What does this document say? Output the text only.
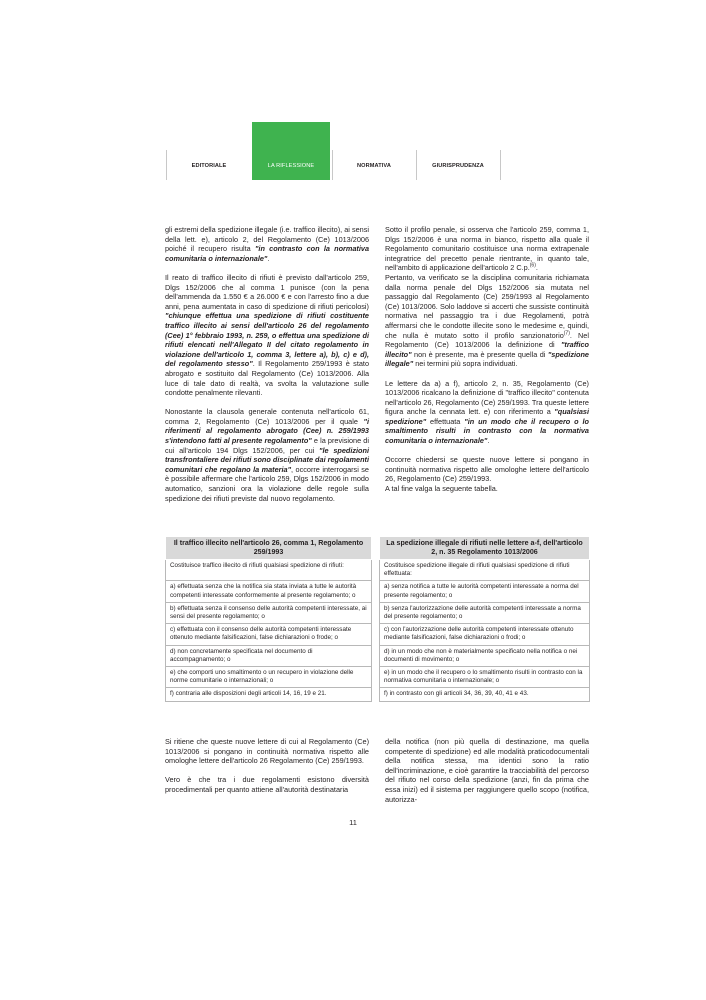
EDITORIALE	LA RIFLESSIONE	NORMATIVA	GIURISPRUDENZA

gli estremi della spedizione illegale (i.e. traffico illecito), ai sensi della lett. e), articolo 2, del Regolamento (Ce) 1013/2006 poiché il recupero risulta "in contrasto con la normativa comunitaria o internazionale".

Il reato di traffico illecito di rifiuti è previsto dall'articolo 259, Dlgs 152/2006 che al comma 1 punisce (con la pena dell'ammenda da 1.550 € a 26.000 € e con l'arresto fino a due anni, pena aumentata in caso di spedizione di rifiuti pericolosi) "chiunque effettua una spedizione di rifiuti costituente traffico illecito ai sensi dell'articolo 26 del regolamento (Cee) 1° febbraio 1993, n. 259, o effettua una spedizione di rifiuti elencati nell'Allegato II del citato regolamento in violazione dell'articolo 1, comma 3, lettere a), b), c) e d), del regolamento stesso". Il Regolamento 259/1993 è stato abrogato e sostituito dal Regolamento (Ce) 1013/2006. Alla luce di tale dato di realtà, va svolta la valutazione sulle condotte penalmente rilevanti.

Nonostante la clausola generale contenuta nell'articolo 61, comma 2, Regolamento (Ce) 1013/2006 per il quale "i riferimenti al regolamento abrogato (Cee) n. 259/1993 s'intendono fatti al presente regolamento" e la previsione di cui all'articolo 194 Dlgs 152/2006, per cui "le spedizioni transfrontaliere dei rifiuti sono disciplinate dai regolamenti comunitari che regolano la materia", occorre interrogarsi se è possibile affermare che l'articolo 259, Dlgs 152/2006 in modo automatico, sanzioni ora la violazione delle regole sulla spedizione dei rifiuti previste dal nuovo regolamento.

Sotto il profilo penale, si osserva che l'articolo 259, comma 1, Dlgs 152/2006 è una norma in bianco, rispetto alla quale il Regolamento comunitario costituisce una norma extrapenale integratrice del precetto penale rientrante, in quanto tale, nell'ambito di applicazione dell'articolo 2 C.p.$^{(6)}$.

Pertanto, va verificato se la disciplina comunitaria richiamata dalla norma penale del Dlgs 152/2006 sia mutata nel passaggio dal Regolamento (Ce) 259/1993 al Regolamento (Ce) 1013/2006. Solo laddove si accerti che sussiste continuità normativa nel passaggio tra i due Regolamenti, potrà affermarsi che le condotte illecite sono le medesime e, quindi, che nulla è mutato sotto il profilo sanzionatorio$^{(7)}$. Nel Regolamento (Ce) 1013/2006 la definizione di "traffico illecito" non è presente, ma è presente quella di "spedizione illegale" nei termini più sopra individuati.

Le lettere da a) a f), articolo 2, n. 35, Regolamento (Ce) 1013/2006 ricalcano la definizione di "traffico illecito" contenuta nell'articolo 26, Regolamento (Ce) 259/1993. Tra queste lettere figura anche la cennata lett. e) con riferimento a "qualsiasi spedizione" effettuata "in un modo che il recupero o lo smaltimento risulti in contrasto con la normativa comunitaria o internazionale".

Occorre chiedersi se queste nuove lettere si pongano in continuità normativa rispetto alle omologhe lettere dell'articolo 26, Regolamento (Ce) 259/1993.

A tal fine valga la seguente tabella.

Il traffico illecito nell'articolo 26, comma 1, Regolamento 259/1993		La spedizione illegale di rifiuti nelle lettere a-f, dell'articolo 2, n. 35 Regolamento 1013/2006
Costituisce traffico illecito di rifiuti qualsiasi spedizione di rifiuti:		Costituisce spedizione illegale di rifiuti qualsiasi spedizione di rifiuti effettuata:
a) effettuata senza che la notifica sia stata inviata a tutte le autorità competenti interessate conformemente al presente regolamento; o		a) senza notifica a tutte le autorità competenti interessate a norma del presente regolamento; o
b) effettuata senza il consenso delle autorità competenti interessate, ai sensi del presente regolamento; o		b) senza l'autorizzazione delle autorità competenti interessate a norma del presente regolamento; o
c) effettuata con il consenso delle autorità competenti interessate ottenuto mediante falsificazioni, false dichiarazioni o frode; o		c) con l'autorizzazione delle autorità competenti interessate ottenuto mediante falsificazioni, false dichiarazioni o frodi; o
d) non concretamente specificata nel documento di accompagnamento; o		d) in un modo che non è materialmente specificato nella notifica o nei documenti di movimento; o
e) che comporti uno smaltimento o un recupero in violazione delle norme comunitarie o internazionali; o		e) in un modo che il recupero o lo smaltimento risulti in contrasto con la normativa comunitaria o internazionale; o
f) contraria alle disposizioni degli articoli 14, 16, 19 e 21.		f) in contrasto con gli articoli 34, 36, 39, 40, 41 e 43.

Si ritiene che queste nuove lettere di cui al Regolamento (Ce) 1013/2006 si pongano in continuità normativa rispetto alle omologhe lettere dell'articolo 26 Regolamento (Ce) 259/1993.

Vero è che tra i due regolamenti esistono diversità procedimentali per quanto attiene all'autorità destinataria

della notifica (non più quella di destinazione, ma quella competente di spedizione) ed alle modalità praticodocumentali della notifica stessa, ma identici sono la ratio dell'incriminazione, e cioè garantire la tracciabilità del percorso del rifiuto nel corso della spedizione (anzi, fin da prima che essa inizi) ed il sistema per raggiungere quello scopo (notifica, autorizza-

11
